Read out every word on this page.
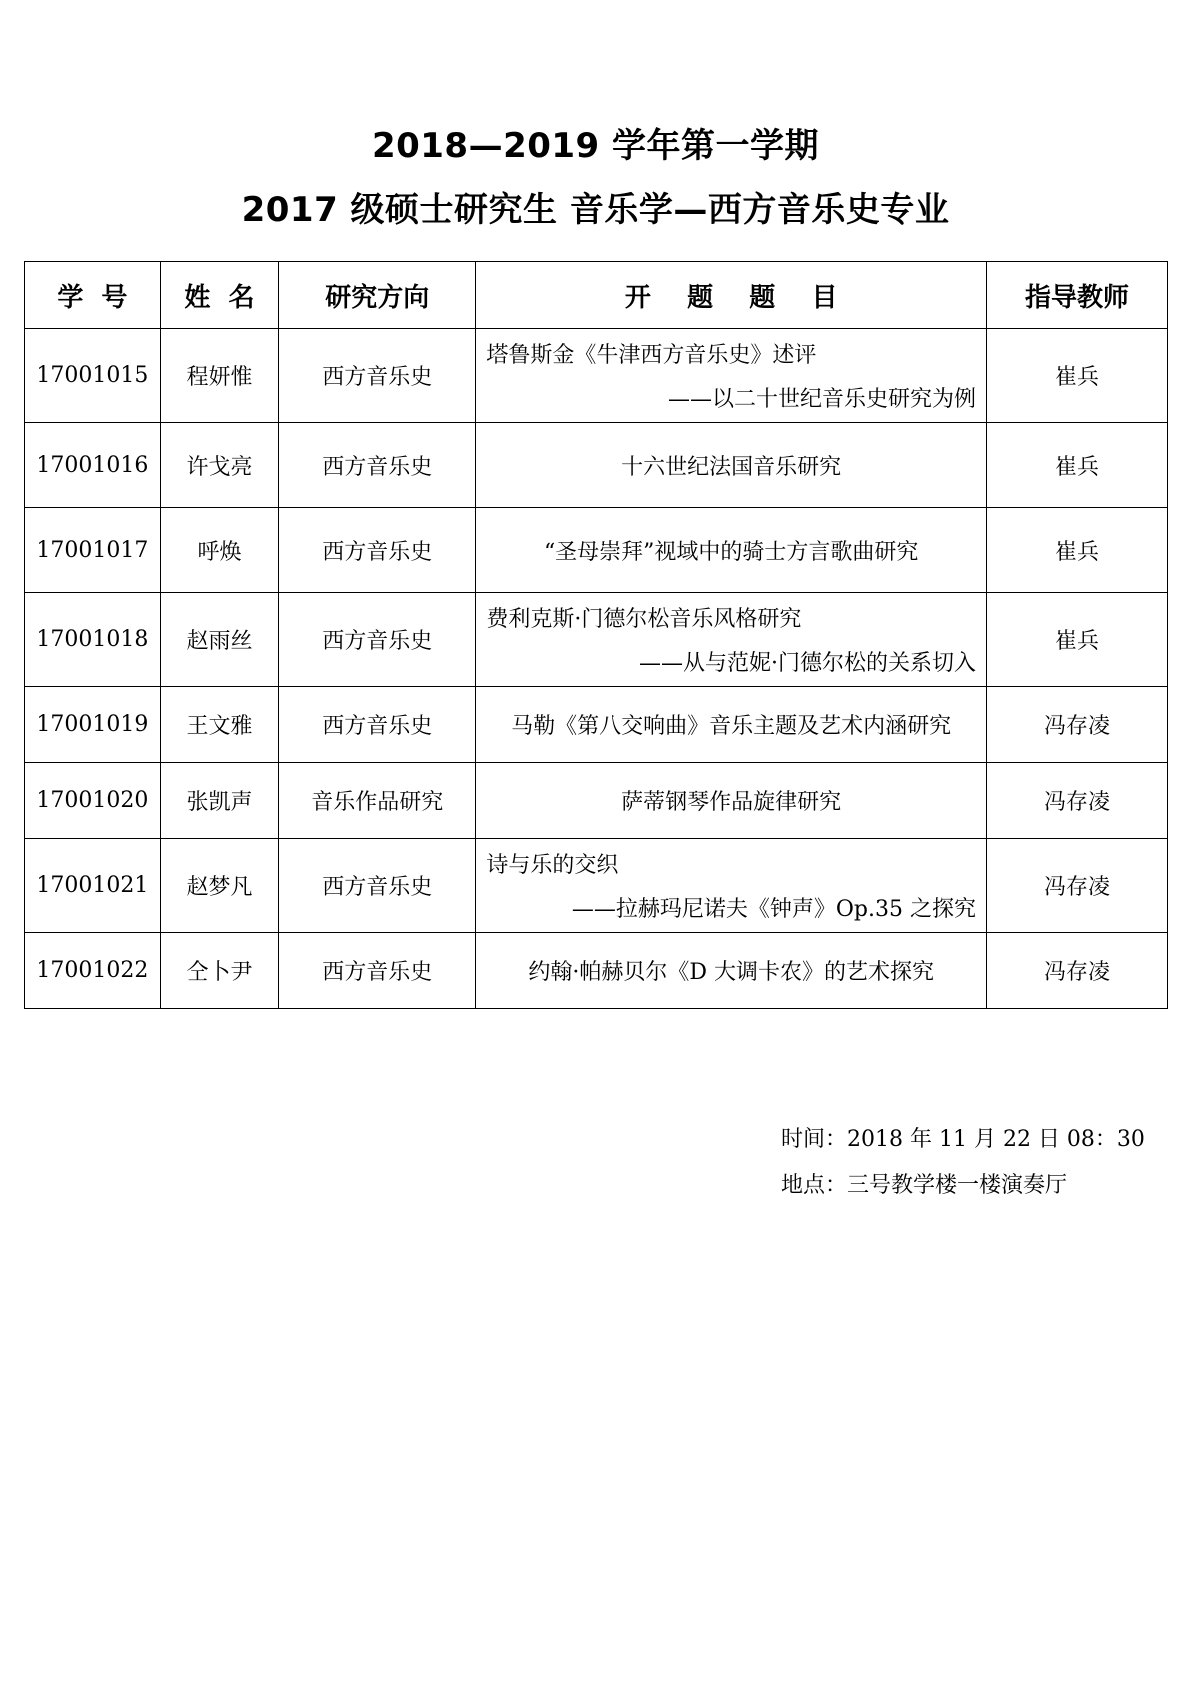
2018—2019 学年第一学期
2017 级硕士研究生 音乐学—西方音乐史专业
学  号	姓  名	研究方向	开    题    题    目	指导教师
17001015	程妍惟	西方音乐史	塔鲁斯金《牛津西方音乐史》述评
——以二十世纪音乐史研究为例	崔兵
17001016	许戈亮	西方音乐史	十六世纪法国音乐研究	崔兵
17001017	呼焕	西方音乐史	“圣母崇拜”视域中的骑士方言歌曲研究	崔兵
17001018	赵雨丝	西方音乐史	费利克斯·门德尔松音乐风格研究
——从与范妮·门德尔松的关系切入	崔兵
17001019	王文雅	西方音乐史	马勒《第八交响曲》音乐主题及艺术内涵研究	冯存凌
17001020	张凯声	音乐作品研究	萨蒂钢琴作品旋律研究	冯存凌
17001021	赵梦凡	西方音乐史	诗与乐的交织
——拉赫玛尼诺夫《钟声》Op.35 之探究	冯存凌
17001022	仝卜尹	西方音乐史	约翰·帕赫贝尔《D 大调卡农》的艺术探究	冯存凌
时间：2018 年 11 月 22 日 08：30
地点：三号教学楼一楼演奏厅
